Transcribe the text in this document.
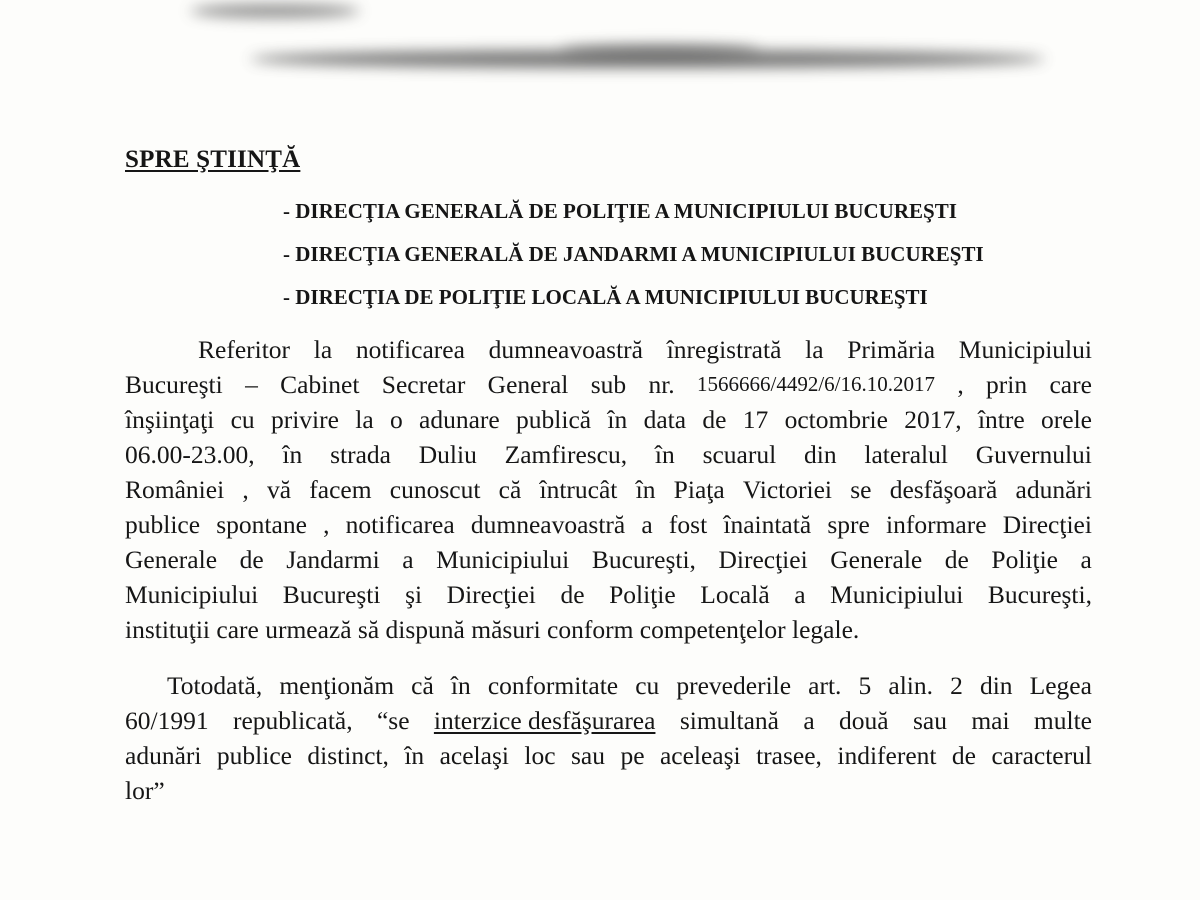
SPRE ŞTIINŢĂ
- DIRECŢIA GENERALĂ DE POLIŢIE A MUNICIPIULUI BUCUREŞTI
- DIRECŢIA GENERALĂ DE JANDARMI A MUNICIPIULUI BUCUREŞTI
- DIRECŢIA DE POLIŢIE LOCALĂ A MUNICIPIULUI BUCUREŞTI
Referitor la notificarea dumneavoastră înregistrată la Primăria Municipiului
Bucureşti – Cabinet Secretar General sub nr. 1566666/4492/6/16.10.2017 , prin care
înşiinţaţi cu privire la o adunare publică în data de 17 octombrie 2017, între orele
06.00-23.00, în strada Duliu Zamfirescu, în scuarul din lateralul Guvernului
României , vă facem cunoscut că întrucât în Piaţa Victoriei se desfăşoară adunări
publice spontane , notificarea dumneavoastră a fost înaintată spre informare Direcţiei
Generale de Jandarmi a Municipiului Bucureşti, Direcţiei Generale de Poliţie a
Municipiului Bucureşti şi Direcţiei de Poliţie Locală a Municipiului Bucureşti,
instituţii care urmează să dispună măsuri conform competenţelor legale.
Totodată, menţionăm că în conformitate cu prevederile art. 5 alin. 2 din Legea
60/1991 republicată, “se interzice desfăşurarea simultană a două sau mai multe
adunări publice distinct, în acelaşi loc sau pe aceleaşi trasee, indiferent de caracterul
lor”
